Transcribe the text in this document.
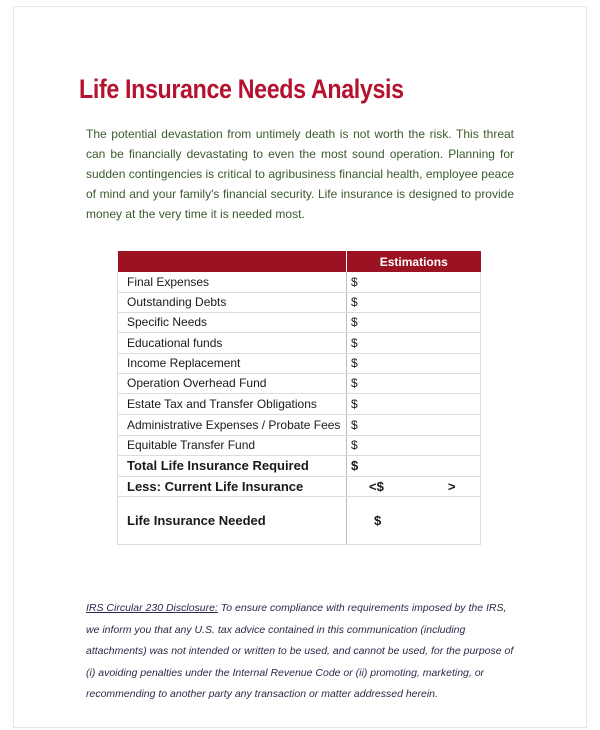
Life Insurance Needs Analysis
The potential devastation from untimely death is not worth the risk. This threat can be financially devastating to even the most sound operation. Planning for sudden contingencies is critical to agribusiness financial health, employee peace of mind and your family's financial security. Life insurance is designed to provide money at the very time it is needed most.
	Estimations
Final Expenses	$
Outstanding Debts	$
Specific Needs	$
Educational funds	$
Income Replacement	$
Operation Overhead Fund	$
Estate Tax and Transfer Obligations	$
Administrative Expenses / Probate Fees	$
Equitable Transfer Fund	$
Total Life Insurance Required	$
Less: Current Life Insurance	<$ >
Life Insurance Needed	$
IRS Circular 230 Disclosure: To ensure compliance with requirements imposed by the IRS, we inform you that any U.S. tax advice contained in this communication (including attachments) was not intended or written to be used, and cannot be used, for the purpose of (i) avoiding penalties under the Internal Revenue Code or (ii) promoting, marketing, or recommending to another party any transaction or matter addressed herein.
